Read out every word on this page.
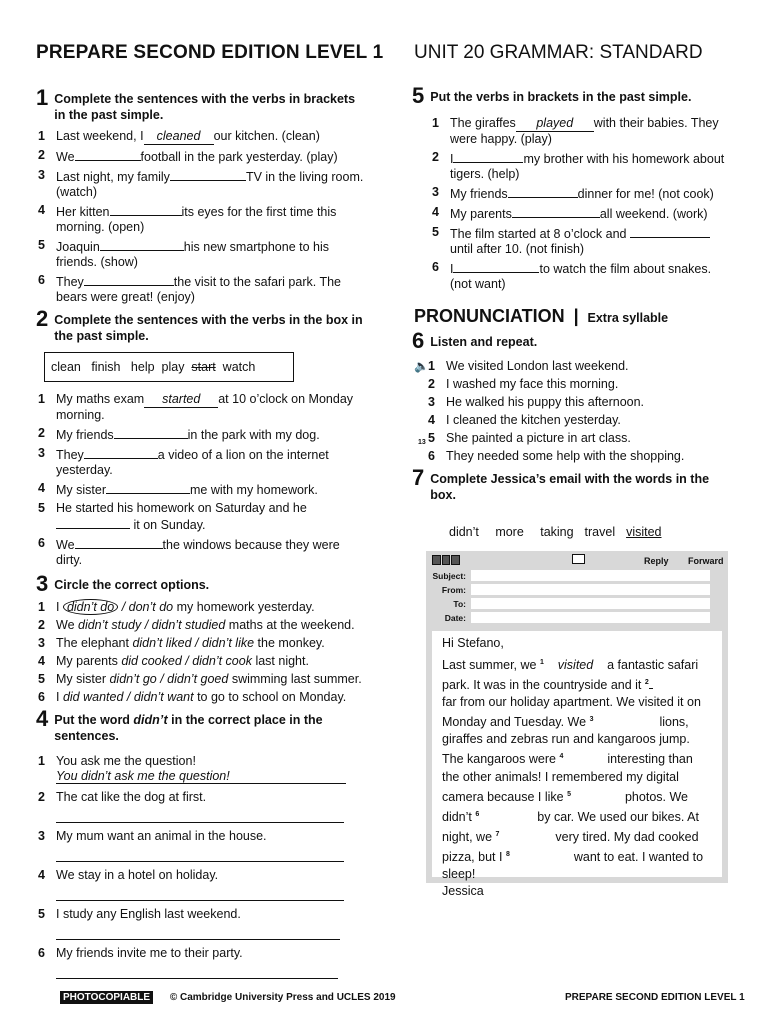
PREPARE SECOND EDITION LEVEL 1 UNIT 20 GRAMMAR: STANDARD
1 Complete the sentences with the verbs in brackets in the past simple.
1 Last weekend, I cleaned our kitchen. (clean)
2 We	football in the park yesterday. (play)
3 Last night, my family	TV in the living room. (watch)
4 Her kitten	its eyes for the first time this morning. (open)
5 Joaquin	his new smartphone to his friends. (show)
6 They	the visit to the safari park. The bears were great! (enjoy)
2 Complete the sentences with the verbs in the box in the past simple.
clean finish help play start watch
1 My maths exam started at 10 o’clock on Monday morning.
2 My friends	in the park with my dog.
3 They	a video of a lion on the internet yesterday.
4 My sister	me with my homework.
5 He started his homework on Saturday and he
it on Sunday.
6 We	the windows because they were dirty.
3 Circle the correct options.
1 I didn’t do / don’t do my homework yesterday.
2 We didn’t study / didn’t studied maths at the weekend.
3 The elephant didn’t liked / didn’t like the monkey.
4 My parents did cooked / didn’t cook last night.
5 My sister didn’t go / didn’t goed swimming last summer.
6 I did wanted / didn’t want to go to school on Monday.
4 Put the word didn’t in the correct place in the sentences.
1 You ask me the question!
You didn’t ask me the question!
2 The cat like the dog at first.
3 My mum want an animal in the house.
4 We stay in a hotel on holiday.
5 I study any English last weekend.
6 My friends invite me to their party.
5 Put the verbs in brackets in the past simple.
1 The giraffes played with their babies. They were happy. (play)
2 I	my brother with his homework about tigers. (help)
3 My friends	dinner for me! (not cook)
4 My parents	all weekend. (work)
5 The film started at 8 o’clock and
until after 10. (not finish)
6 I	to watch the film about snakes. (not want)
PRONUNCIATION | Extra syllable
6 Listen and repeat.
🔈 1 We visited London last weekend.
2 I washed my face this morning.
3 He walked his puppy this afternoon.
4 I cleaned the kitchen yesterday.
5 She painted a picture in art class.
6 They needed some help with the shopping.
13
7 Complete Jessica’s email with the words in the box.
didn’t more taking travel visited
Reply Forward
Subject:
From:
To:
Date:
Hi Stefano,
Last summer, we $^1$ visited a fantastic safari
park. It was in the countryside and it $^2$
far from our holiday apartment. We visited it on
Monday and Tuesday. We $^3$	lions,
giraffes and zebras run and kangaroos jump.
The kangaroos were $^4$	interesting than
the other animals! I remembered my digital
camera because I like $^5$	photos. We
didn’t $^6$	by car. We used our bikes. At
night, we $^7$	very tired. My dad cooked
pizza, but I $^8$	want to eat. I wanted to
sleep!
Jessica
PHOTOCOPIABLE © Cambridge University Press and UCLES 2019	PREPARE SECOND EDITION LEVEL 1
